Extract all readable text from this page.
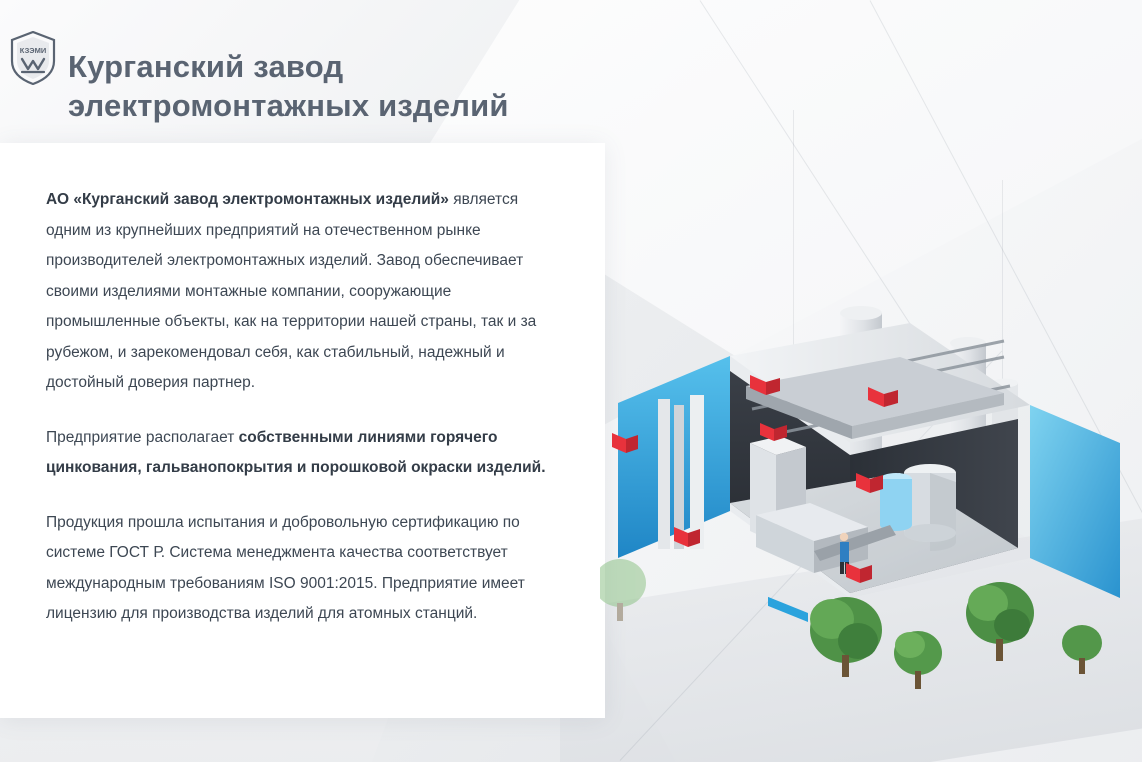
КЗЭМИ Курганский завод
электромонтажных изделий

АО «Курганский завод электромонтажных изделий» является одним из крупнейших предприятий на отечественном рынке производителей электромонтажных изделий. Завод обеспечивает своими изделиями монтажные компании, сооружающие промышленные объекты, как на территории нашей страны, так и за рубежом, и зарекомендовал себя, как стабильный, надежный и достойный доверия партнер.

Предприятие располагает собственными линиями горячего цинкования, гальванопокрытия и порошковой окраски изделий.

Продукция прошла испытания и добровольную сертификацию по системе ГОСТ Р. Система менеджмента качества соответствует международным требованиям ISO 9001:2015. Предприятие имеет лицензию для производства изделий для атомных станций.
